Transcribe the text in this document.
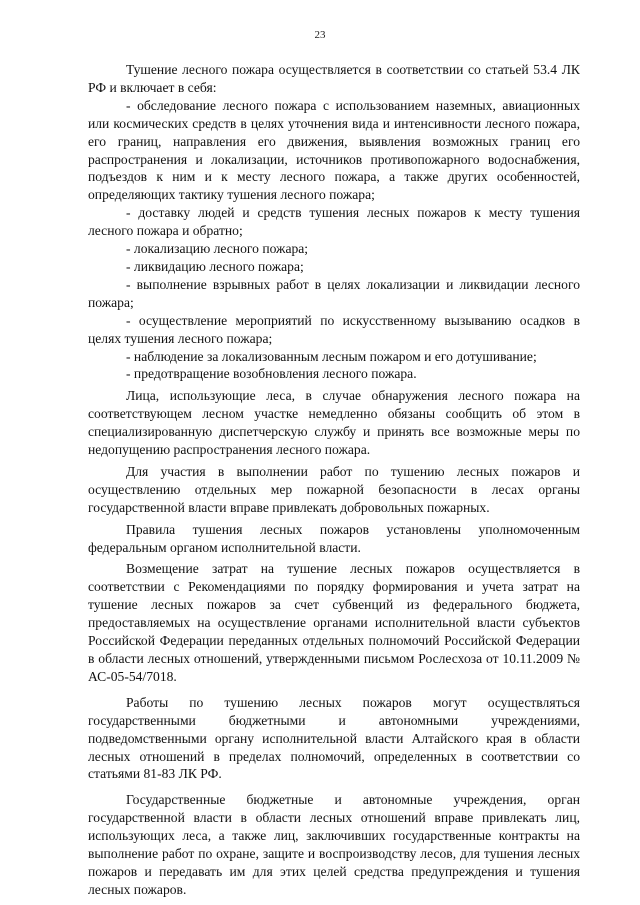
23

Тушение лесного пожара осуществляется в соответствии со статьей 53.4 ЛК РФ и включает в себя:

- обследование лесного пожара с использованием наземных, авиационных или космических средств в целях уточнения вида и интенсивности лесного пожара, его границ, направления его движения, выявления возможных границ его распространения и локализации, источников противопожарного водоснабжения, подъездов к ним и к месту лесного пожара, а также других особенностей, определяющих тактику тушения лесного пожара;

- доставку людей и средств тушения лесных пожаров к месту тушения лесного пожара и обратно;

- локализацию лесного пожара;

- ликвидацию лесного пожара;

- выполнение взрывных работ в целях локализации и ликвидации лесного пожара;

- осуществление мероприятий по искусственному вызыванию осадков в целях тушения лесного пожара;

- наблюдение за локализованным лесным пожаром и его дотушивание;

- предотвращение возобновления лесного пожара.

Лица, использующие леса, в случае обнаружения лесного пожара на соответствующем лесном участке немедленно обязаны сообщить об этом в специализированную диспетчерскую службу и принять все возможные меры по недопущению распространения лесного пожара.

Для участия в выполнении работ по тушению лесных пожаров и осуществлению отдельных мер пожарной безопасности в лесах органы государственной власти вправе привлекать добровольных пожарных.

Правила тушения лесных пожаров установлены уполномоченным федеральным органом исполнительной власти.

Возмещение затрат на тушение лесных пожаров осуществляется в соответствии с Рекомендациями по порядку формирования и учета затрат на тушение лесных пожаров за счет субвенций из федерального бюджета, предоставляемых на осуществление органами исполнительной власти субъектов Российской Федерации переданных отдельных полномочий Российской Федерации в области лесных отношений, утвержденными письмом Рослесхоза от 10.11.2009 № АС-05-54/7018.

Работы по тушению лесных пожаров могут осуществляться государственными бюджетными и автономными учреждениями, подведомственными органу исполнительной власти Алтайского края в области лесных отношений в пределах полномочий, определенных в соответствии со статьями 81-83 ЛК РФ.

Государственные бюджетные и автономные учреждения, орган государственной власти в области лесных отношений вправе привлекать лиц, использующих леса, а также лиц, заключивших государственные контракты на выполнение работ по охране, защите и воспроизводству лесов, для тушения лесных пожаров и передавать им для этих целей средства предупреждения и тушения лесных пожаров.
